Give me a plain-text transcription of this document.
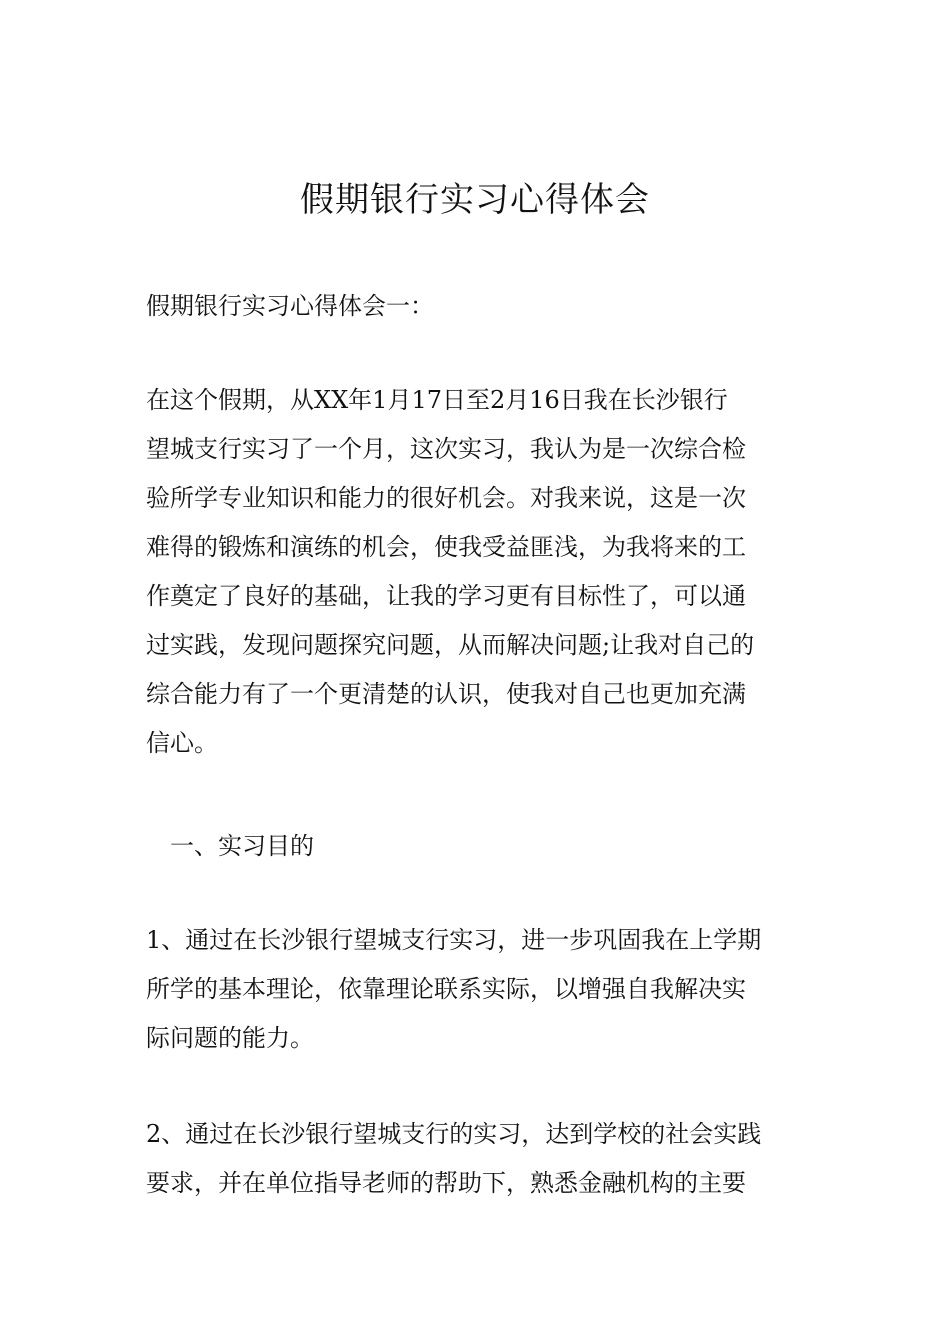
假期银行实习心得体会

假期银行实习心得体会一：

在这个假期，从XX年1月17日至2月16日我在长沙银行
望城支行实习了一个月，这次实习，我认为是一次综合检
验所学专业知识和能力的很好机会。对我来说，这是一次
难得的锻炼和演练的机会，使我受益匪浅，为我将来的工
作奠定了良好的基础，让我的学习更有目标性了，可以通
过实践，发现问题探究问题，从而解决问题;让我对自己的
综合能力有了一个更清楚的认识，使我对自己也更加充满
信心。

一、实习目的

1、通过在长沙银行望城支行实习，进一步巩固我在上学期
所学的基本理论，依靠理论联系实际，以增强自我解决实
际问题的能力。

2、通过在长沙银行望城支行的实习，达到学校的社会实践
要求，并在单位指导老师的帮助下，熟悉金融机构的主要
